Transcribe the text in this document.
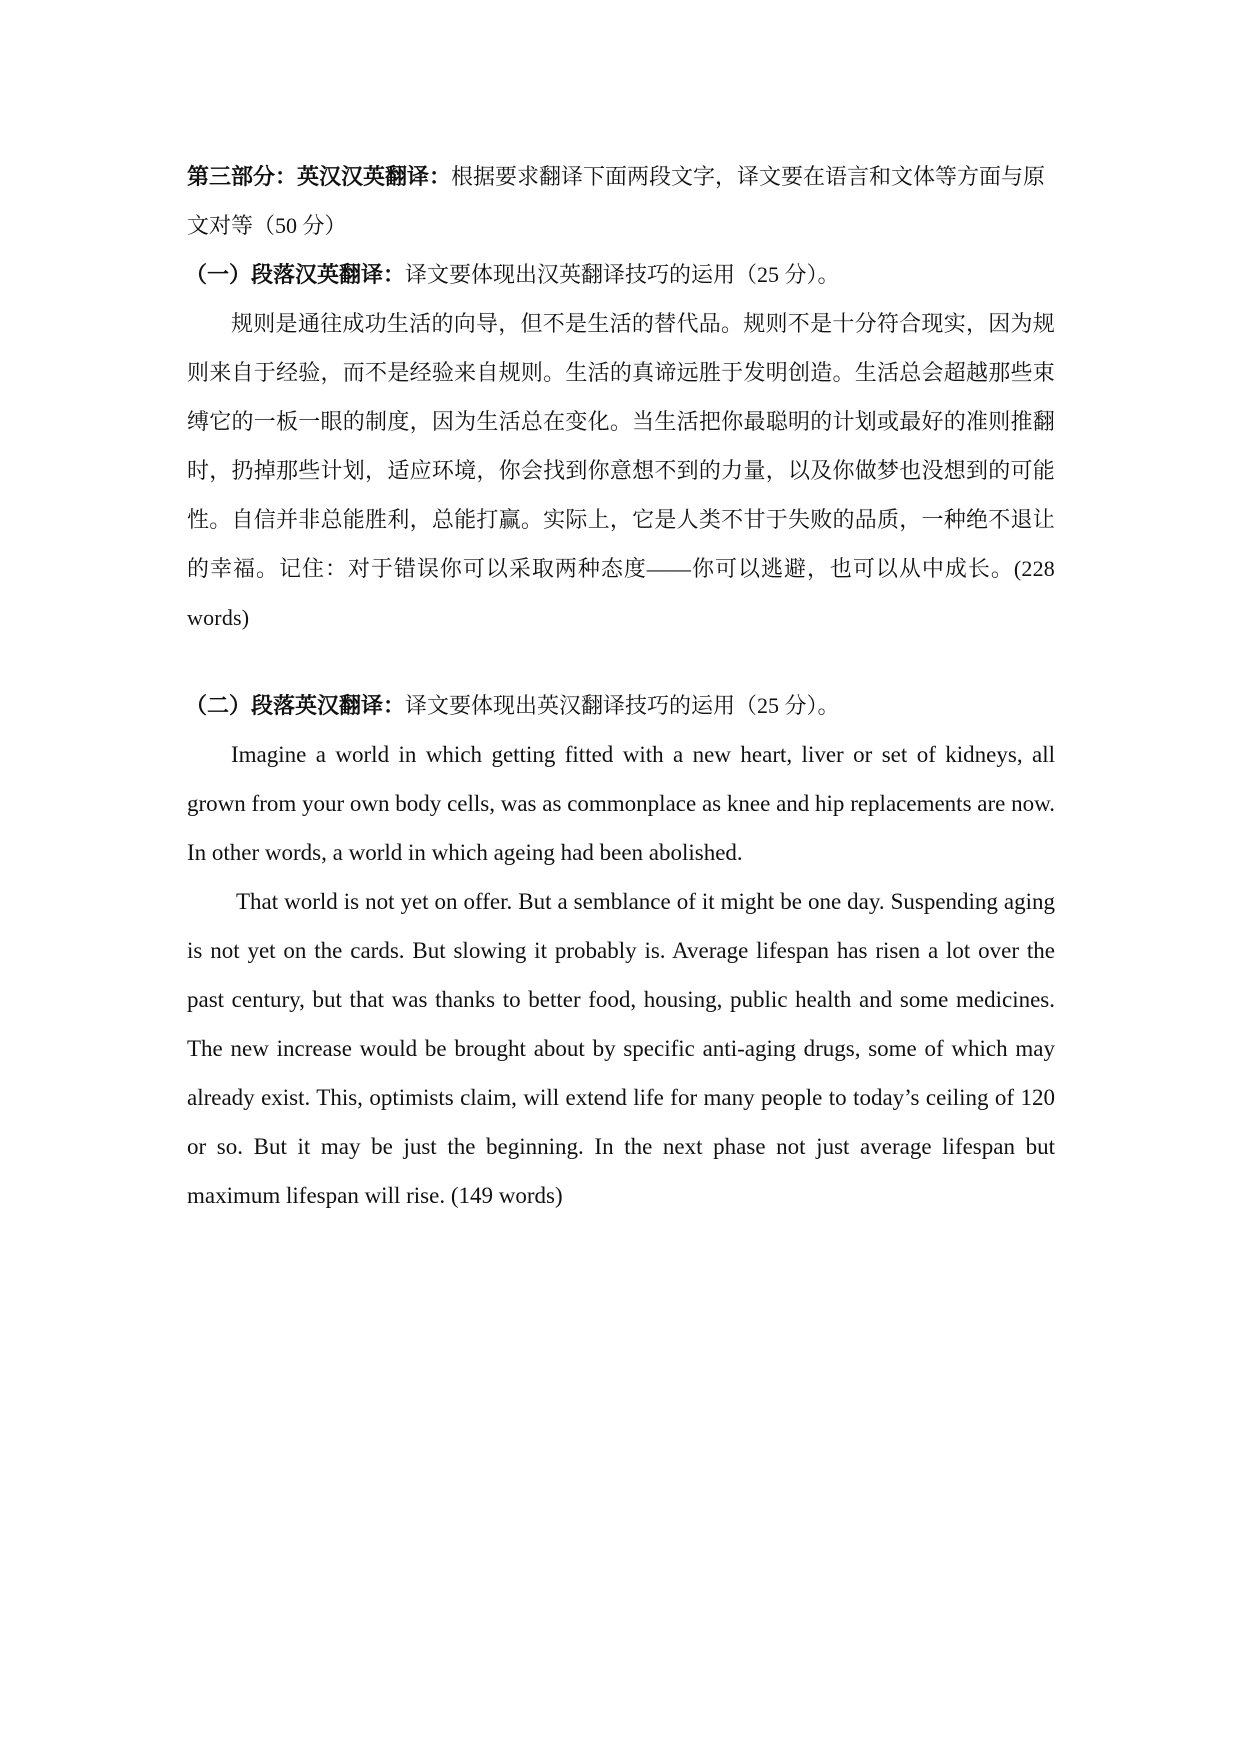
第三部分：英汉汉英翻译：根据要求翻译下面两段文字，译文要在语言和文体等方面与原文对等（50 分）
（一）段落汉英翻译：译文要体现出汉英翻译技巧的运用（25 分）。
规则是通往成功生活的向导，但不是生活的替代品。规则不是十分符合现实，因为规则来自于经验，而不是经验来自规则。生活的真谛远胜于发明创造。生活总会超越那些束缚它的一板一眼的制度，因为生活总在变化。当生活把你最聪明的计划或最好的准则推翻时，扔掉那些计划，适应环境，你会找到你意想不到的力量，以及你做梦也没想到的可能性。自信并非总能胜利，总能打赢。实际上，它是人类不甘于失败的品质，一种绝不退让的幸福。记住：对于错误你可以采取两种态度——你可以逃避，也可以从中成长。(228 words)
（二）段落英汉翻译：译文要体现出英汉翻译技巧的运用（25 分）。
Imagine a world in which getting fitted with a new heart, liver or set of kidneys, all grown from your own body cells, was as commonplace as knee and hip replacements are now. In other words, a world in which ageing had been abolished.
That world is not yet on offer. But a semblance of it might be one day. Suspending aging is not yet on the cards. But slowing it probably is. Average lifespan has risen a lot over the past century, but that was thanks to better food, housing, public health and some medicines. The new increase would be brought about by specific anti-aging drugs, some of which may already exist. This, optimists claim, will extend life for many people to today’s ceiling of 120 or so. But it may be just the beginning. In the next phase not just average lifespan but maximum lifespan will rise. (149 words)
